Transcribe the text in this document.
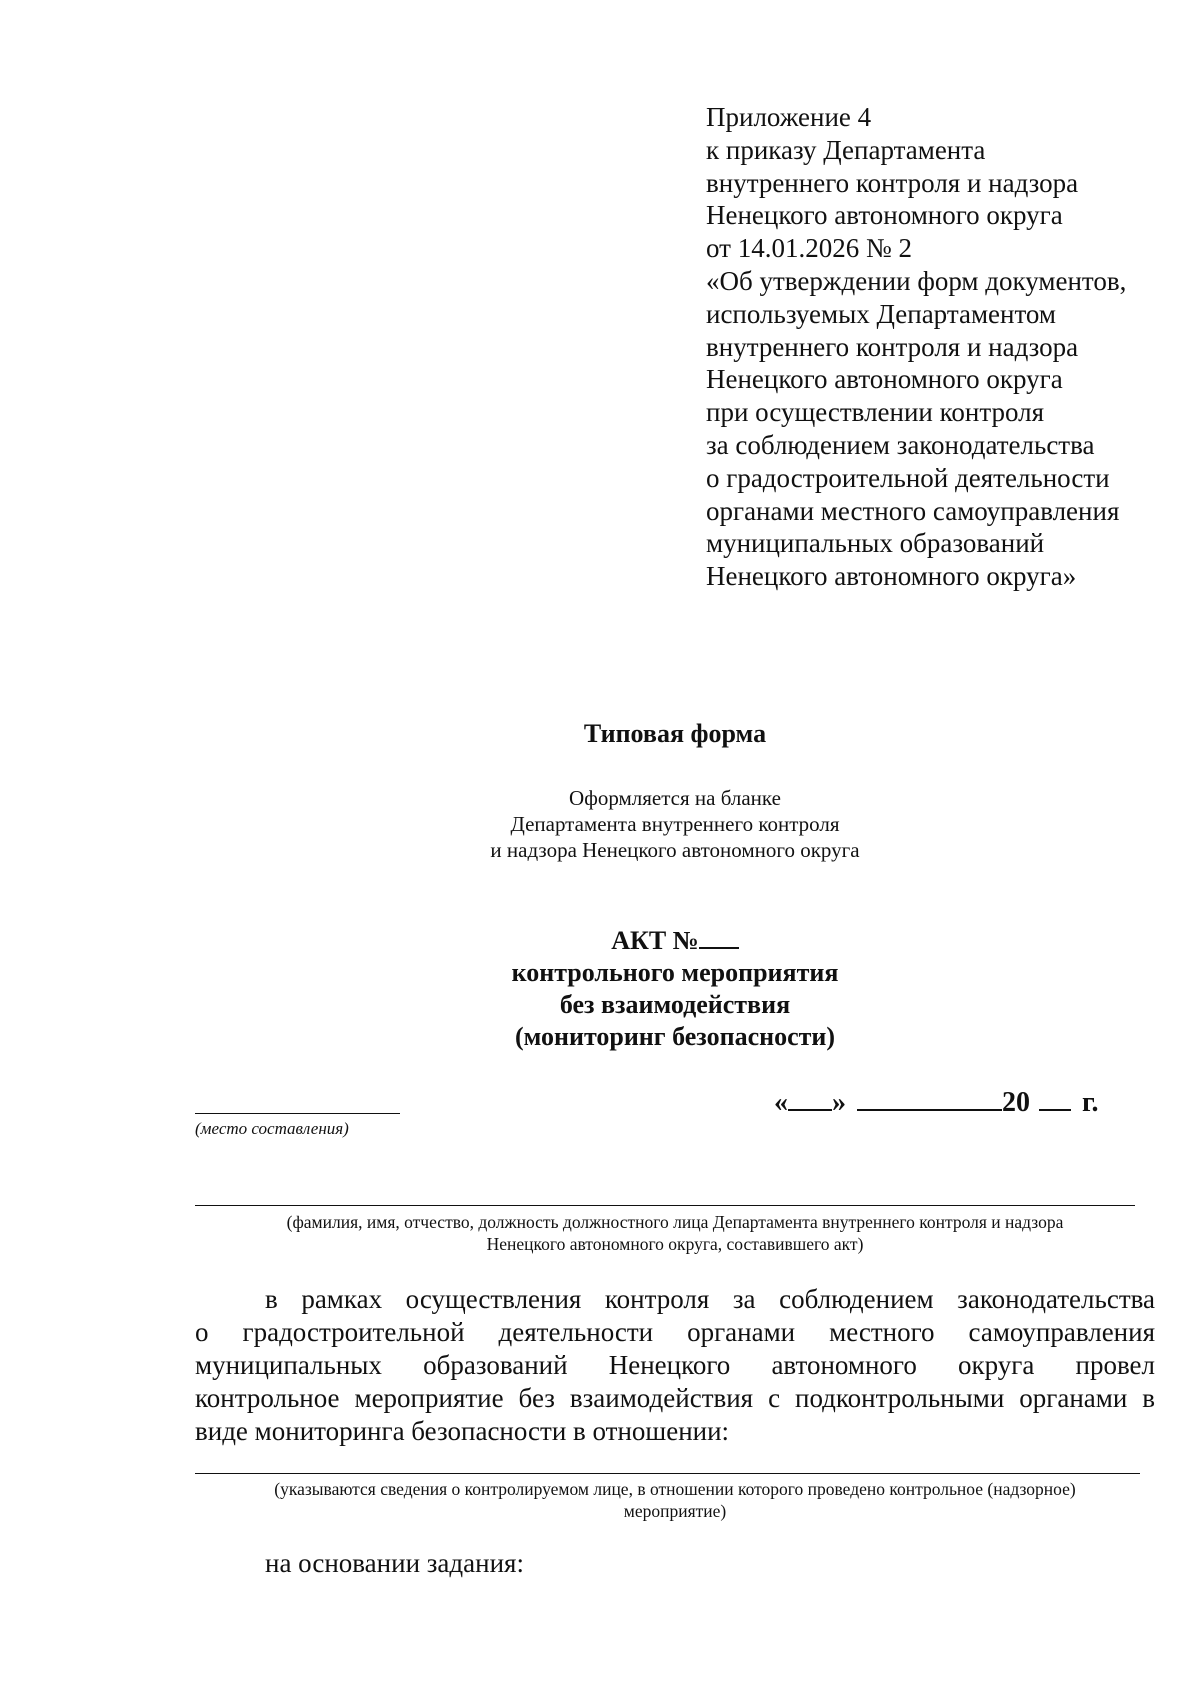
Приложение 4
к приказу Департамента
внутреннего контроля и надзора
Ненецкого автономного округа
от 14.01.2026 № 2
«Об утверждении форм документов,
используемых Департаментом
внутреннего контроля и надзора
Ненецкого автономного округа
при осуществлении контроля
за соблюдением законодательства
о градостроительной деятельности
органами местного самоуправления
муниципальных образований
Ненецкого автономного округа»
Типовая форма
Оформляется на бланке
Департамента внутреннего контроля
и надзора Ненецкого автономного округа
АКТ №
контрольного мероприятия
без взаимодействия
(мониторинг безопасности)
(место составления)
« »	20 г.
(фамилия, имя, отчество, должность должностного лица Департамента внутреннего контроля и надзора
Ненецкого автономного округа, составившего акт)
в рамках осуществления контроля за соблюдением законодательства
о градостроительной деятельности органами местного самоуправления
муниципальных образований Ненецкого автономного округа провел
контрольное мероприятие без взаимодействия с подконтрольными органами в
виде мониторинга безопасности в отношении:
(указываются сведения о контролируемом лице, в отношении которого проведено контрольное (надзорное)
мероприятие)
на основании задания:
